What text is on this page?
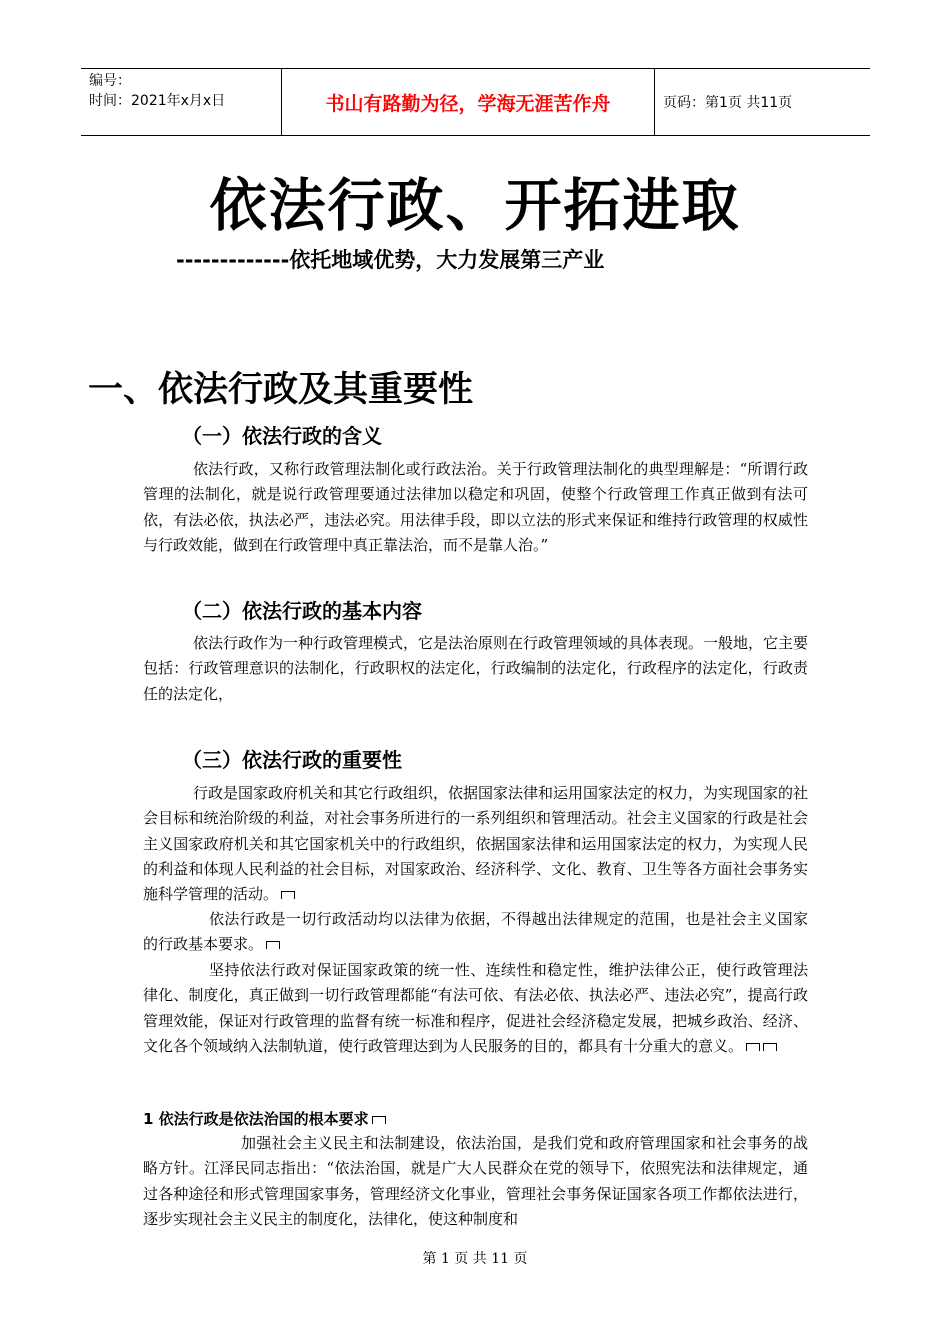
编号：
时间：2021年x月x日	书山有路勤为径，学海无涯苦作舟	页码：第1页 共11页
依法行政、开拓进取
-------------依托地域优势，大力发展第三产业
一、依法行政及其重要性
（一）依法行政的含义
依法行政，又称行政管理法制化或行政法治。关于行政管理法制化的典型理解是：“所谓行政管理的法制化，就是说行政管理要通过法律加以稳定和巩固，使整个行政管理工作真正做到有法可依，有法必依，执法必严，违法必究。用法律手段，即以立法的形式来保证和维持行政管理的权威性与行政效能，做到在行政管理中真正靠法治，而不是靠人治。”
（二）依法行政的基本内容
依法行政作为一种行政管理模式，它是法治原则在行政管理领域的具体表现。一般地，它主要包括：行政管理意识的法制化，行政职权的法定化，行政编制的法定化，行政程序的法定化，行政责任的法定化，
（三）依法行政的重要性
行政是国家政府机关和其它行政组织，依据国家法律和运用国家法定的权力，为实现国家的社会目标和统治阶级的利益，对社会事务所进行的一系列组织和管理活动。社会主义国家的行政是社会主义国家政府机关和其它国家机关中的行政组织，依据国家法律和运用国家法定的权力，为实现人民的利益和体现人民利益的社会目标，对国家政治、经济科学、文化、教育、卫生等各方面社会事务实施科学管理的活动。
依法行政是一切行政活动均以法律为依据，不得越出法律规定的范围，也是社会主义国家的行政基本要求。
坚持依法行政对保证国家政策的统一性、连续性和稳定性，维护法律公正，使行政管理法律化、制度化，真正做到一切行政管理都能“有法可依、有法必依、执法必严、违法必究”，提高行政管理效能，保证对行政管理的监督有统一标准和程序，促进社会经济稳定发展，把城乡政治、经济、文化各个领域纳入法制轨道，使行政管理达到为人民服务的目的，都具有十分重大的意义。
1 依法行政是依法治国的根本要求
加强社会主义民主和法制建设，依法治国，是我们党和政府管理国家和社会事务的战略方针。江泽民同志指出：“依法治国，就是广大人民群众在党的领导下，依照宪法和法律规定，通过各种途径和形式管理国家事务，管理经济文化事业，管理社会事务保证国家各项工作都依法进行，逐步实现社会主义民主的制度化，法律化，使这种制度和
第 1 页 共 11 页
